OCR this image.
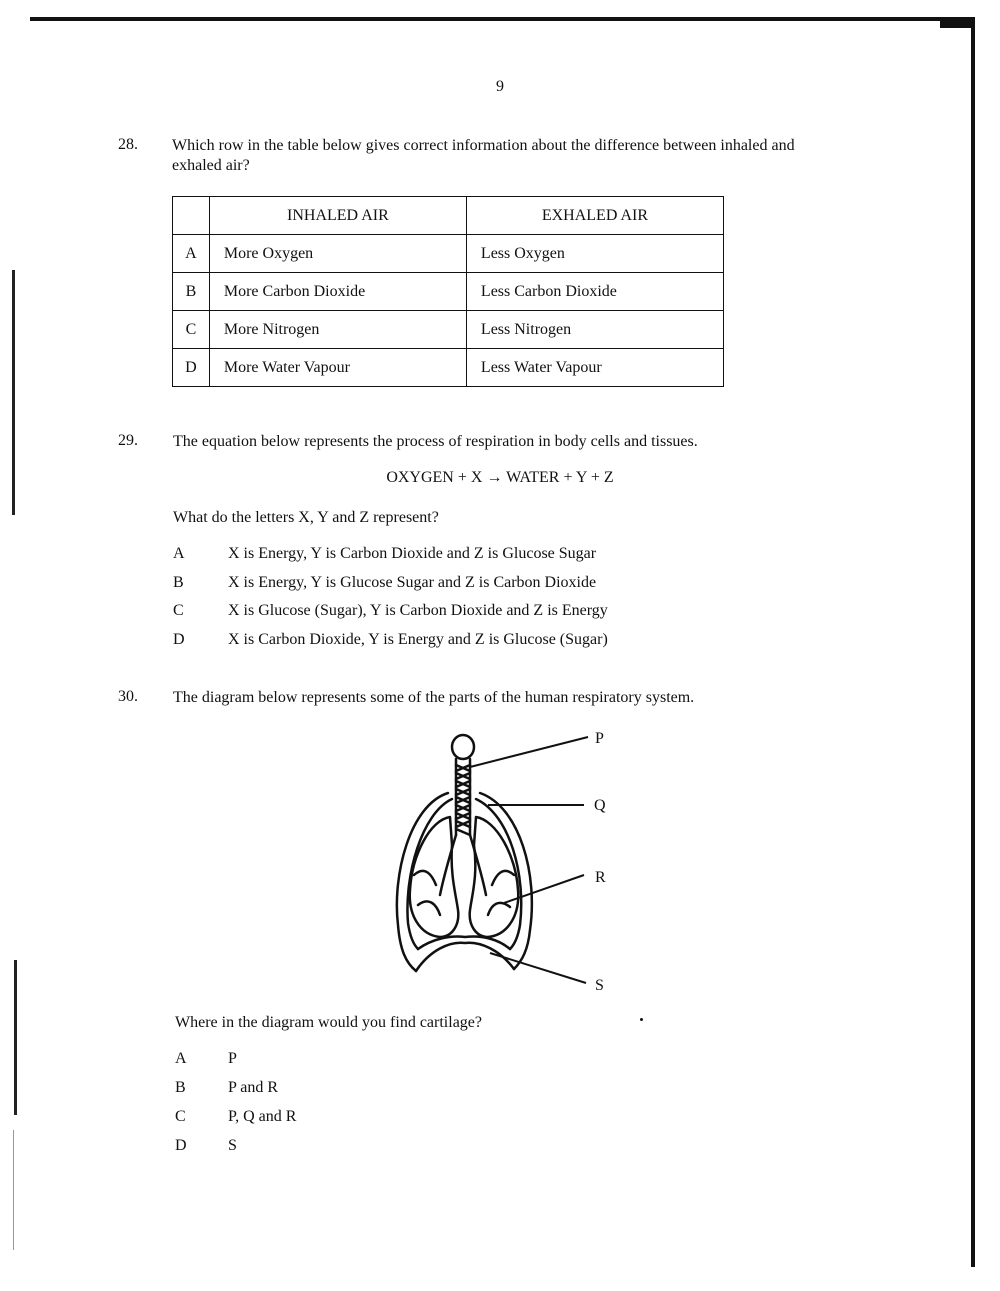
9
28. Which row in the table below gives correct information about the difference between inhaled and
exhaled air?
	INHALED AIR	EXHALED AIR
A	More Oxygen	Less Oxygen
B	More Carbon Dioxide	Less Carbon Dioxide
C	More Nitrogen	Less Nitrogen
D	More Water Vapour	Less Water Vapour
29. The equation below represents the process of respiration in body cells and tissues.
OXYGEN + X → WATER + Y + Z
What do the letters X, Y and Z represent?
A	X is Energy, Y is Carbon Dioxide and Z is Glucose Sugar
B	X is Energy, Y is Glucose Sugar and Z is Carbon Dioxide
C	X is Glucose (Sugar), Y is Carbon Dioxide and Z is Energy
D	X is Carbon Dioxide, Y is Energy and Z is Glucose (Sugar)
30. The diagram below represents some of the parts of the human respiratory system.
P
Q
R
S
Where in the diagram would you find cartilage?
A	P
B	P and R
C	P, Q and R
D	S
